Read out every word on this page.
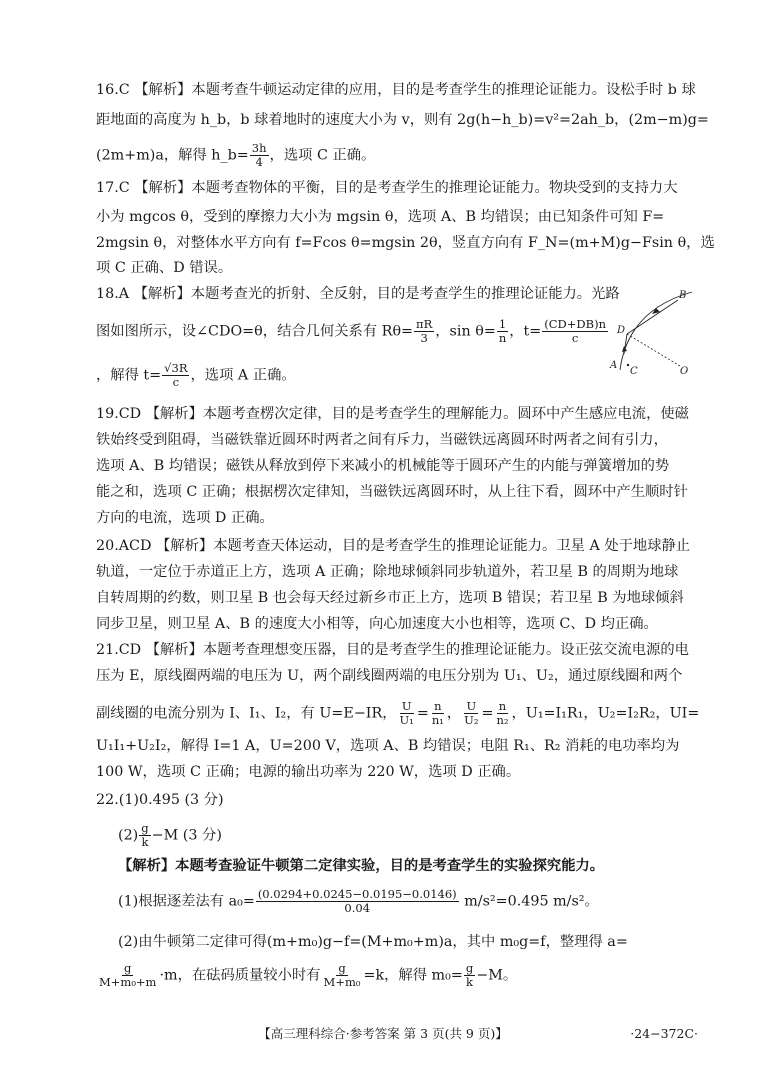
16.C 【解析】本题考查牛顿运动定律的应用，目的是考查学生的推理论证能力。设松手时 b 球
距地面的高度为 h_b，b 球着地时的速度大小为 v，则有 2g(h−h_b)=v²=2ah_b，(2m−m)g=
(2m+m)a，解得 h_b= $\frac{3h}{4}$ ，选项 C 正确。
17.C 【解析】本题考查物体的平衡，目的是考查学生的推理论证能力。物块受到的支持力大
小为 mgcos θ，受到的摩擦力大小为 mgsin θ，选项 A、B 均错误；由已知条件可知 F=
2mgsin θ，对整体水平方向有 f=Fcos θ=mgsin 2θ，竖直方向有 F_N=(m+M)g−Fsin θ，选
项 C 正确、D 错误。
18.A 【解析】本题考查光的折射、全反射，目的是考查学生的推理论证能力。光路
图如图所示，设∠CDO=θ，结合几何关系有 $R\theta= \frac{\pi R}{3}$ ，$\sin \theta= \frac{1}{n}$ ，$t= \frac{(CD+DB)n}{c}$
，解得 $t= \frac{√3R}{c}$ ，选项 A 正确。
B
D
A
C	O
19.CD 【解析】本题考查楞次定律，目的是考查学生的理解能力。圆环中产生感应电流，使磁
铁始终受到阻碍，当磁铁靠近圆环时两者之间有斥力，当磁铁远离圆环时两者之间有引力，
选项 A、B 均错误；磁铁从释放到停下来减小的机械能等于圆环产生的内能与弹簧增加的势
能之和，选项 C 正确；根据楞次定律知，当磁铁远离圆环时，从上往下看，圆环中产生顺时针
方向的电流，选项 D 正确。
20.ACD 【解析】本题考查天体运动，目的是考查学生的推理论证能力。卫星 A 处于地球静止
轨道，一定位于赤道正上方，选项 A 正确；除地球倾斜同步轨道外，若卫星 B 的周期为地球
自转周期的约数，则卫星 B 也会每天经过新乡市正上方，选项 B 错误；若卫星 B 为地球倾斜
同步卫星，则卫星 A、B 的速度大小相等，向心加速度大小也相等，选项 C、D 均正确。
21.CD 【解析】本题考查理想变压器，目的是考查学生的推理论证能力。设正弦交流电源的电
压为 E，原线圈两端的电压为 U，两个副线圈两端的电压分别为 U₁、U₂，通过原线圈和两个
副线圈的电流分别为 I、I₁、I₂，有 U=E−IR， $\frac{U}{\text{U₁}} = \frac{n}{\text{n₁}}$ ， $\frac{U}{\text{U₂}} = \frac{n}{\text{n₂}}$ ，U₁=I₁R₁，U₂=I₂R₂，UI=
U₁I₁+U₂I₂，解得 I=1 A，U=200 V，选项 A、B 均错误；电阻 R₁、R₂ 消耗的电功率均为
100 W，选项 C 正确；电源的输出功率为 220 W，选项 D 正确。
22.(1)0.495 (3 分)
$(2) \frac{g}{k} -M$ (3 分)
【解析】本题考查验证牛顿第二定律实验，目的是考查学生的实验探究能力。
(1)根据逐差法有 $a_0= \frac{(0.0294+0.0245-0.0195-0.0146)}{0.04} m/s^2=0.495$ m/s²。
(2)由牛顿第二定律可得(m+m₀)g−f=(M+m₀+m)a，其中 m₀g=f，整理得 a=
$\frac{g}{\text{M+m₀+m}} \cdot m$，在砝码质量较小时有 $\frac{g}{\text{M+m₀}} =k$，解得 $m_0= \frac{g}{k} -M$。
【高三理科综合·参考答案 第 3 页(共 9 页)】	·24−372C·
